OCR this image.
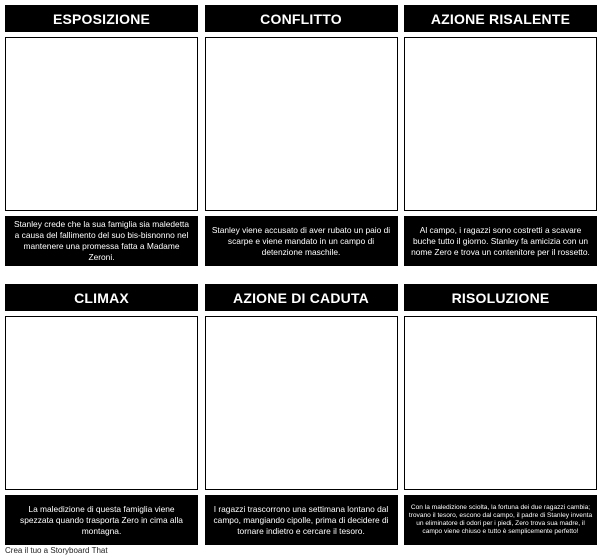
ESPOSIZIONE
Stanley crede che la sua famiglia sia maledetta a causa del fallimento del suo bis-bisnonno nel mantenere una promessa fatta a Madame Zeroni.
CONFLITTO
Stanley viene accusato di aver rubato un paio di scarpe e viene mandato in un campo di detenzione maschile.
AZIONE RISALENTE
Al campo, i ragazzi sono costretti a scavare buche tutto il giorno. Stanley fa amicizia con un nome Zero e trova un contenitore per il rossetto.
CLIMAX
La maledizione di questa famiglia viene spezzata quando trasporta Zero in cima alla montagna.
AZIONE DI CADUTA
I ragazzi trascorrono una settimana lontano dal campo, mangiando cipolle, prima di decidere di tornare indietro e cercare il tesoro.
RISOLUZIONE
Con la maledizione sciolta, la fortuna dei due ragazzi cambia; trovano il tesoro, escono dal campo, il padre di Stanley inventa un eliminatore di odori per i piedi, Zero trova sua madre, il campo viene chiuso e tutto è semplicemente perfetto!
Crea il tuo a Storyboard That
